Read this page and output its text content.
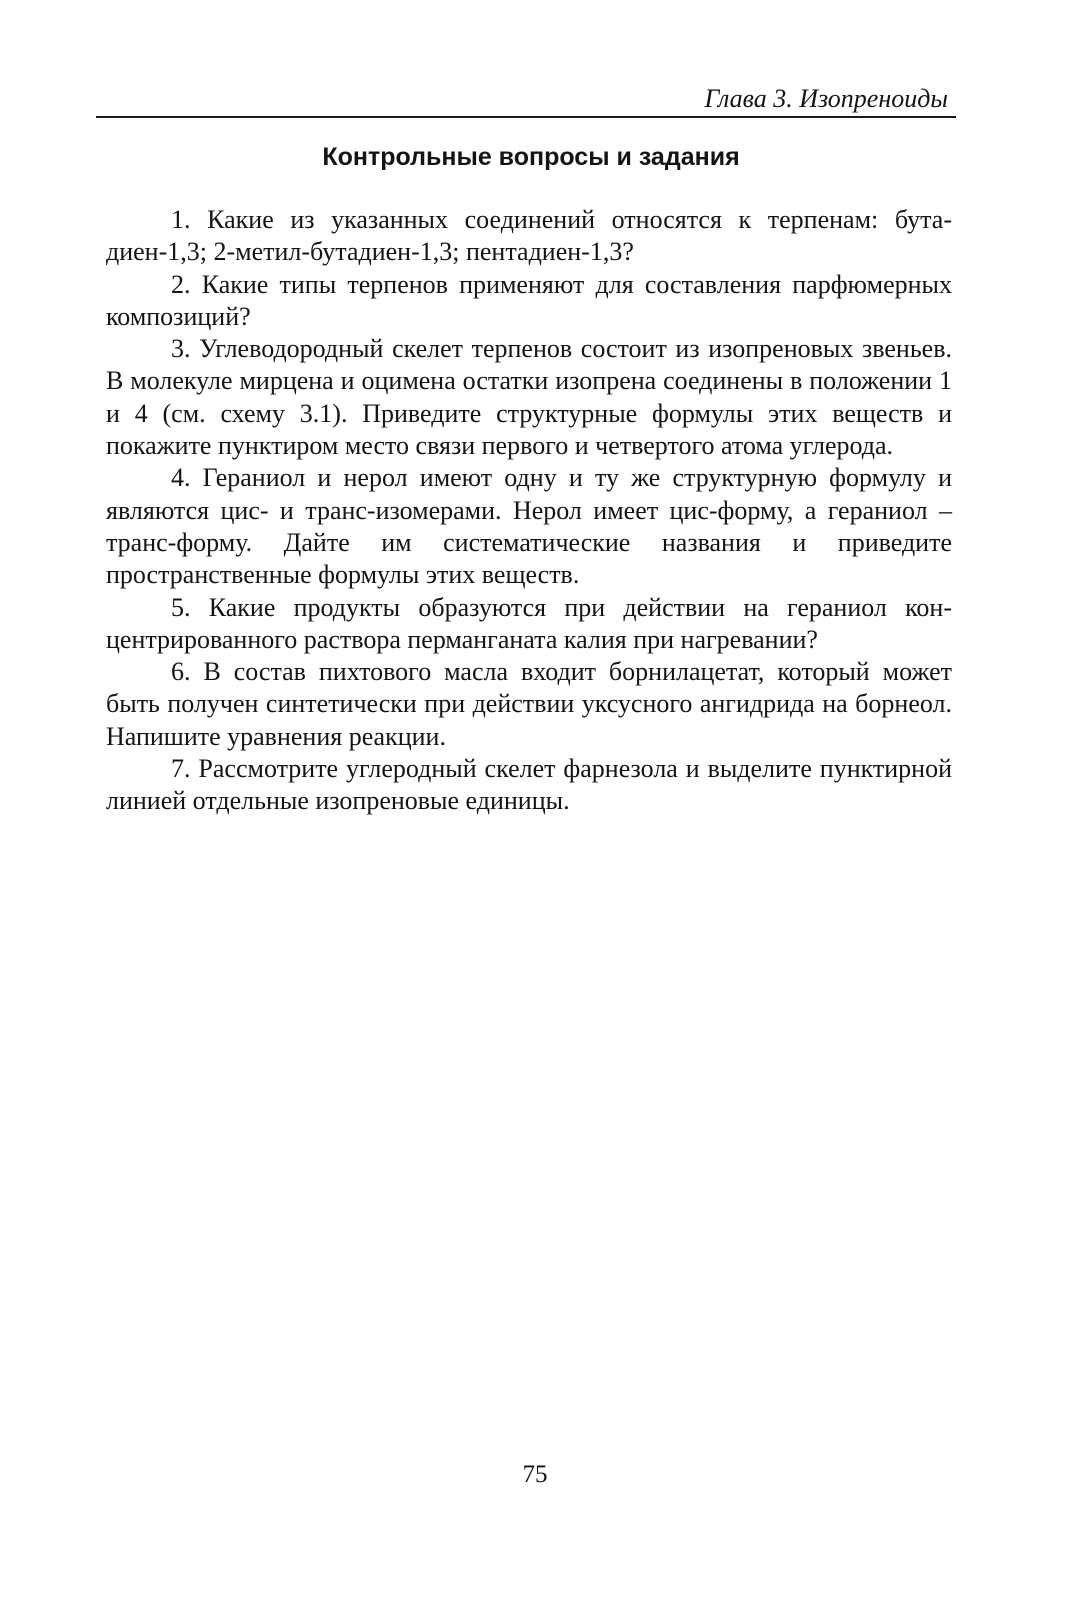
Глава 3. Изопреноиды
Контрольные вопросы и задания

1. Какие из указанных соединений относятся к терпенам: бутадиен-1,3; 2-метил-бутадиен-1,3; пентадиен-1,3?

2. Какие типы терпенов применяют для составления парфюмерных композиций?

3. Углеводородный скелет терпенов состоит из изопреновых звеньев. В молекуле мирцена и оцимена остатки изопрена соединены в положении 1 и 4 (см. схему 3.1). Приведите структурные формулы этих веществ и покажите пунктиром место связи первого и четвертого атома углерода.

4. Гераниол и нерол имеют одну и ту же структурную формулу и являются цис- и транс-изомерами. Нерол имеет цис-форму, а гераниол – транс-форму. Дайте им систематические названия и приведите пространственные формулы этих веществ.

5. Какие продукты образуются при действии на гераниол концентрированного раствора перманганата калия при нагревании?

6. В состав пихтового масла входит борнилацетат, который может быть получен синтетически при действии уксусного ангидрида на борнеол. Напишите уравнения реакции.

7. Рассмотрите углеродный скелет фарнезола и выделите пунктирной линией отдельные изопреновые единицы.

75
